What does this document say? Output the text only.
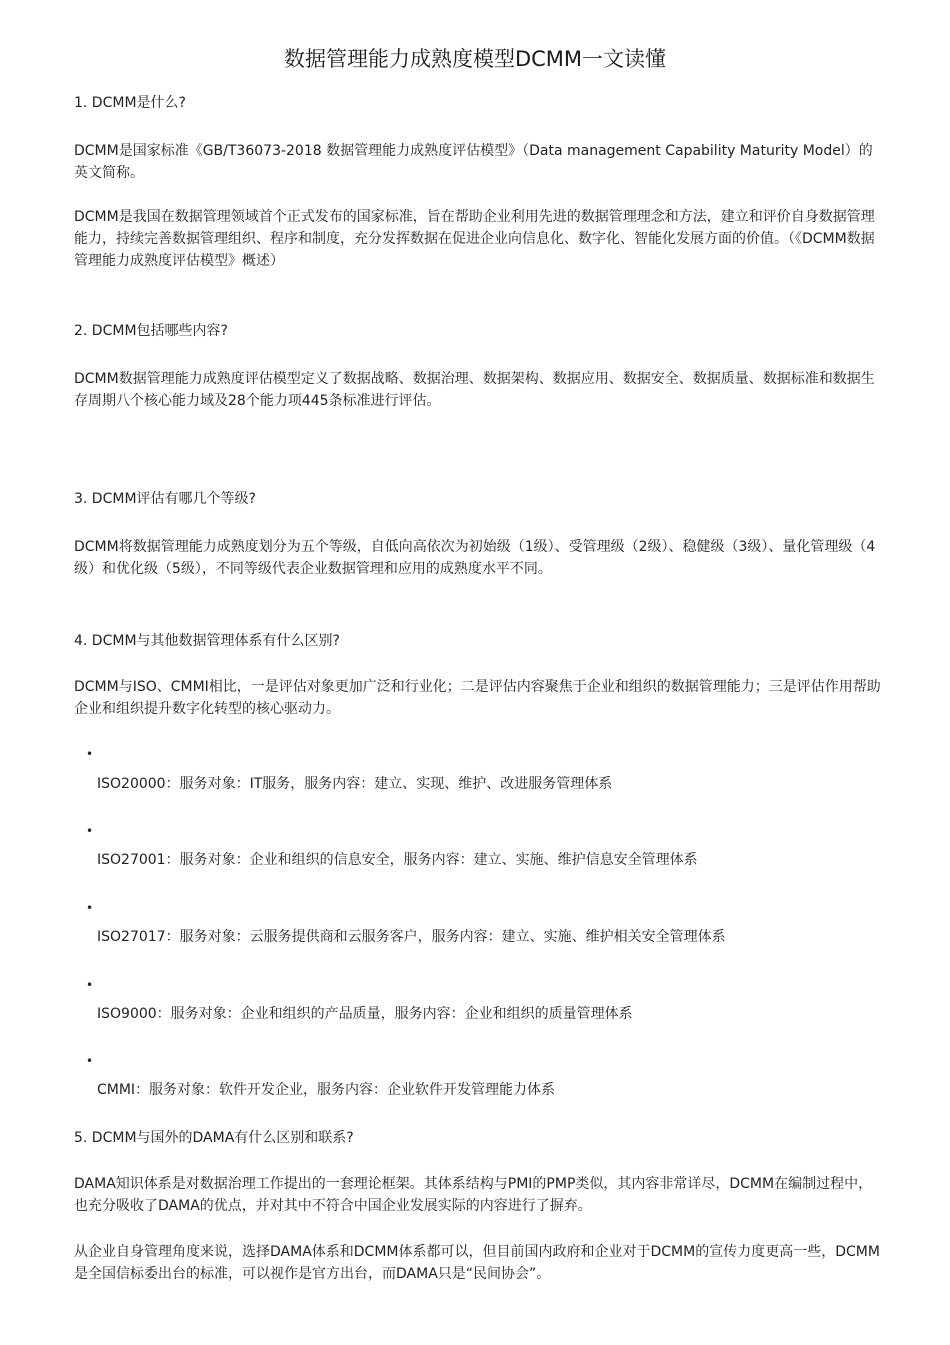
数据管理能力成熟度模型DCMM一文读懂
1. DCMM是什么?
DCMM是国家标准《GB/T36073-2018 数据管理能力成熟度评估模型》（Data management Capability Maturity Model）的英文简称。
DCMM是我国在数据管理领域首个正式发布的国家标准，旨在帮助企业利用先进的数据管理理念和方法，建立和评价自身数据管理能力，持续完善数据管理组织、程序和制度，充分发挥数据在促进企业向信息化、数字化、智能化发展方面的价值。（《DCMM数据管理能力成熟度评估模型》概述）
2. DCMM包括哪些内容?
DCMM数据管理能力成熟度评估模型定义了数据战略、数据治理、数据架构、数据应用、数据安全、数据质量、数据标准和数据生存周期八个核心能力域及28个能力项445条标准进行评估。
3. DCMM评估有哪几个等级?
DCMM将数据管理能力成熟度划分为五个等级，自低向高依次为初始级（1级）、受管理级（2级）、稳健级（3级）、量化管理级（4级）和优化级（5级），不同等级代表企业数据管理和应用的成熟度水平不同。
4. DCMM与其他数据管理体系有什么区别?
DCMM与ISO、CMMI相比，一是评估对象更加广泛和行业化；二是评估内容聚焦于企业和组织的数据管理能力；三是评估作用帮助企业和组织提升数字化转型的核心驱动力。
•
ISO20000：服务对象：IT服务，服务内容：建立、实现、维护、改进服务管理体系
•
ISO27001：服务对象：企业和组织的信息安全，服务内容：建立、实施、维护信息安全管理体系
•
ISO27017：服务对象：云服务提供商和云服务客户，服务内容：建立、实施、维护相关安全管理体系
•
ISO9000：服务对象：企业和组织的产品质量，服务内容：企业和组织的质量管理体系
•
CMMI：服务对象：软件开发企业，服务内容：企业软件开发管理能力体系
5. DCMM与国外的DAMA有什么区别和联系?
DAMA知识体系是对数据治理工作提出的一套理论框架。其体系结构与PMI的PMP类似，其内容非常详尽，DCMM在编制过程中，也充分吸收了DAMA的优点，并对其中不符合中国企业发展实际的内容进行了摒弃。
从企业自身管理角度来说，选择DAMA体系和DCMM体系都可以，但目前国内政府和企业对于DCMM的宣传力度更高一些，DCMM是全国信标委出台的标准，可以视作是官方出台，而DAMA只是“民间协会”。
